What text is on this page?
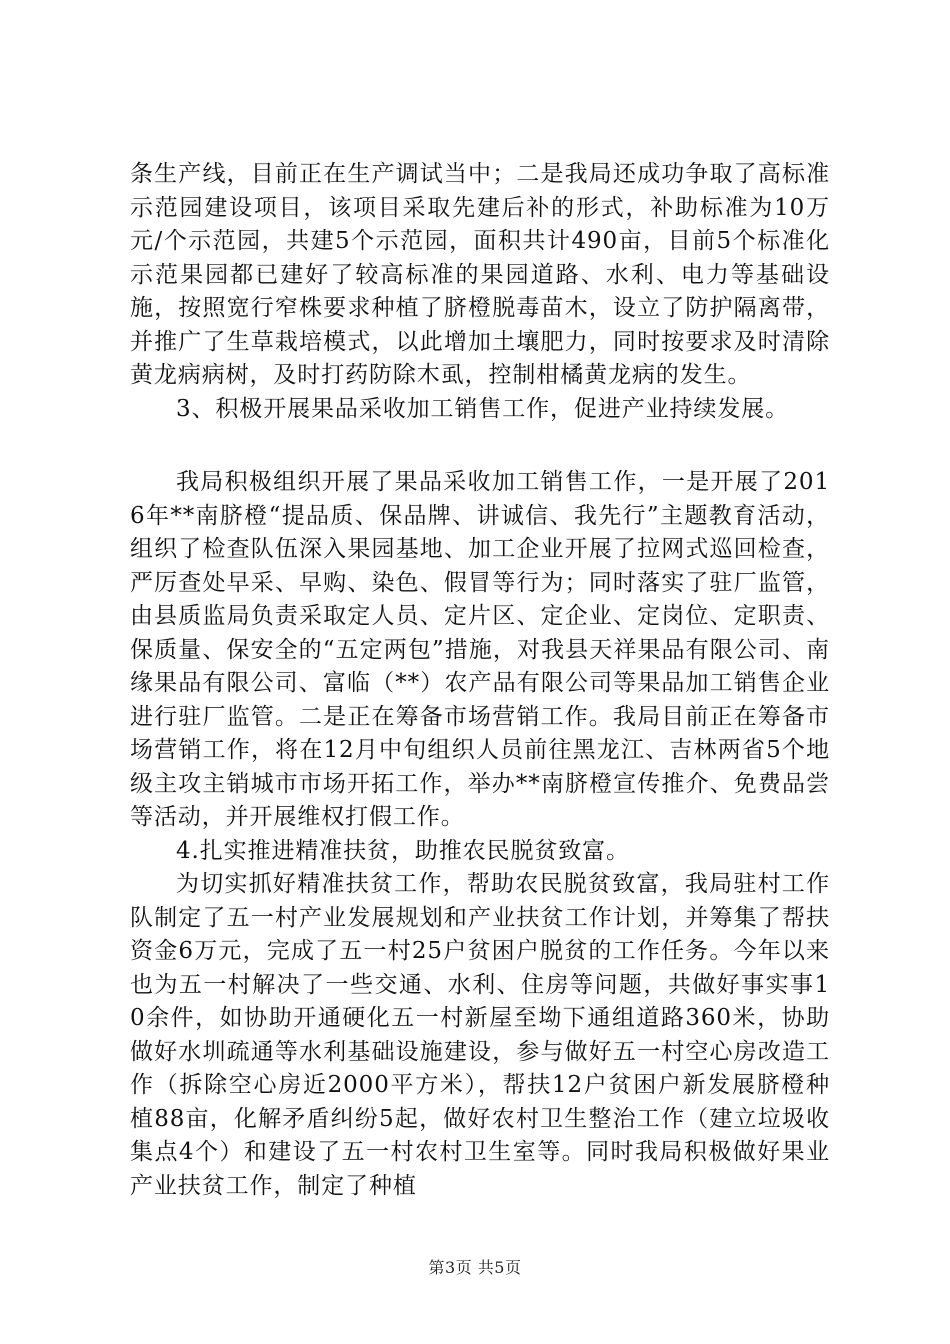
条生产线，目前正在生产调试当中；二是我局还成功争取了高标准示范园建设项目，该项目采取先建后补的形式，补助标准为10万元/个示范园，共建5个示范园，面积共计490亩，目前5个标准化示范果园都已建好了较高标准的果园道路、水利、电力等基础设施，按照宽行窄株要求种植了脐橙脱毒苗木，设立了防护隔离带，并推广了生草栽培模式，以此增加土壤肥力，同时按要求及时清除黄龙病病树，及时打药防除木虱，控制柑橘黄龙病的发生。

3、积极开展果品采收加工销售工作，促进产业持续发展。

我局积极组织开展了果品采收加工销售工作，一是开展了2016年**南脐橙“提品质、保品牌、讲诚信、我先行”主题教育活动，组织了检查队伍深入果园基地、加工企业开展了拉网式巡回检查，严厉查处早采、早购、染色、假冒等行为；同时落实了驻厂监管，由县质监局负责采取定人员、定片区、定企业、定岗位、定职责、保质量、保安全的“五定两包”措施，对我县天祥果品有限公司、南缘果品有限公司、富临（**）农产品有限公司等果品加工销售企业进行驻厂监管。二是正在筹备市场营销工作。我局目前正在筹备市场营销工作，将在12月中旬组织人员前往黑龙江、吉林两省5个地级主攻主销城市市场开拓工作，举办**南脐橙宣传推介、免费品尝等活动，并开展维权打假工作。

4.扎实推进精准扶贫，助推农民脱贫致富。

为切实抓好精准扶贫工作，帮助农民脱贫致富，我局驻村工作队制定了五一村产业发展规划和产业扶贫工作计划，并筹集了帮扶资金6万元，完成了五一村25户贫困户脱贫的工作任务。今年以来也为五一村解决了一些交通、水利、住房等问题，共做好事实事10余件，如协助开通硬化五一村新屋至坳下通组道路360米，协助做好水圳疏通等水利基础设施建设，参与做好五一村空心房改造工作（拆除空心房近2000平方米），帮扶12户贫困户新发展脐橙种植88亩，化解矛盾纠纷5起，做好农村卫生整治工作（建立垃圾收集点4个）和建设了五一村农村卫生室等。同时我局积极做好果业产业扶贫工作，制定了种植

第3页 共5页
